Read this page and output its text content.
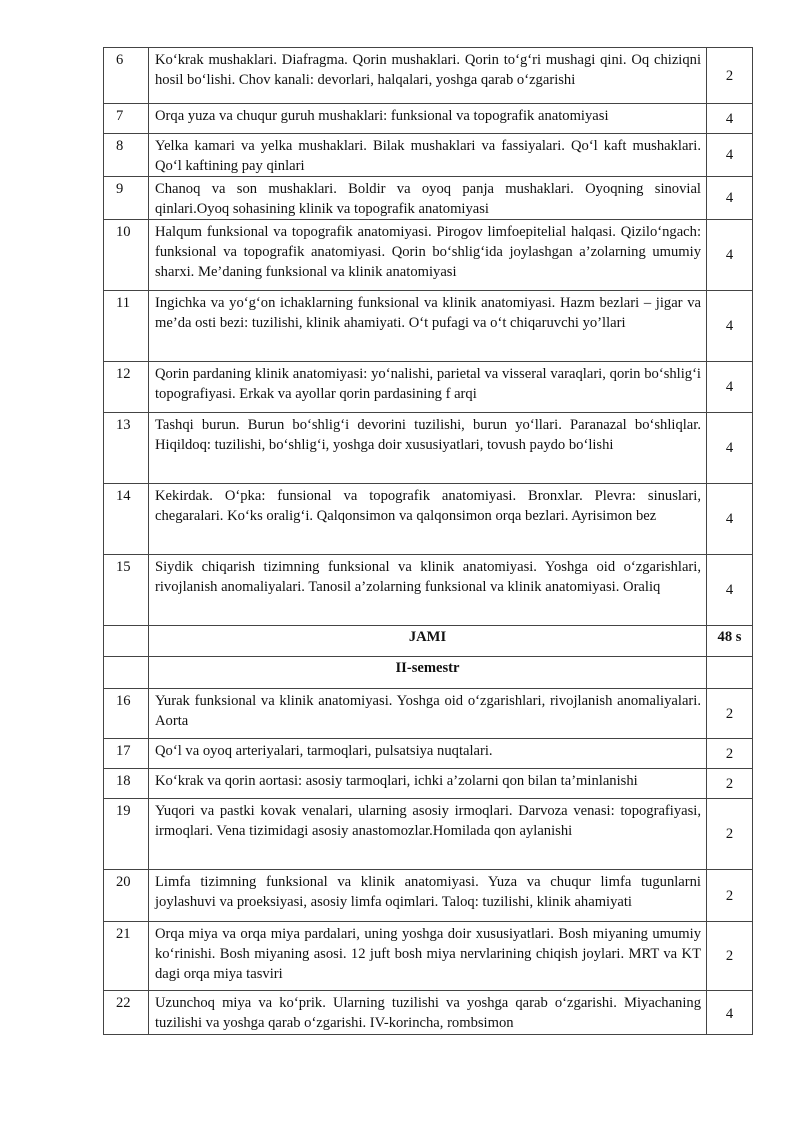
6	Ko‘krak mushaklari. Diafragma. Qorin mushaklari. Qorin to‘g‘ri mushagi qini. Oq chiziqni hosil bo‘lishi. Chov kanali: devorlari, halqalari, yoshga qarab o‘zgarishi	2
7	Orqa yuza va chuqur guruh mushaklari: funksional va topografik anatomiyasi	4
8	Yelka kamari va yelka mushaklari. Bilak mushaklari va fassiyalari. Qo‘l kaft mushaklari. Qo‘l kaftining pay qinlari	4
9	Chanoq va son mushaklari. Boldir va oyoq panja mushaklari. Oyoqning sinovial qinlari.Oyoq sohasining klinik va topografik anatomiyasi	4
10	Halqum funksional va topografik anatomiyasi. Pirogov limfoepitelial halqasi. Qizilo‘ngach: funksional va topografik anatomiyasi. Qorin bo‘shlig‘ida joylashgan a’zolarning umumiy sharxi. Me’daning funksional va klinik anatomiyasi	4
11	Ingichka va yo‘g‘on ichaklarning funksional va klinik anatomiyasi. Hazm bezlari – jigar va me’da osti bezi: tuzilishi, klinik ahamiyati. O‘t pufagi va o‘t chiqaruvchi yo’llari	4
12	Qorin pardaning klinik anatomiyasi: yo‘nalishi, parietal va visseral varaqlari, qorin bo‘shlig‘i topografiyasi. Erkak va ayollar qorin pardasining f arqi	4
13	Tashqi burun. Burun bo‘shlig‘i devorini tuzilishi, burun yo‘llari. Paranazal bo‘shliqlar. Hiqildoq: tuzilishi, bo‘shlig‘i, yoshga doir xususiyatlari, tovush paydo bo‘lishi	4
14	Kekirdak. O‘pka: funsional va topografik anatomiyasi. Bronxlar. Plevra: sinuslari, chegaralari. Ko‘ks oralig‘i. Qalqonsimon va qalqonsimon orqa bezlari. Ayrisimon bez	4
15	Siydik chiqarish tizimning funksional va klinik anatomiyasi. Yoshga oid o‘zgarishlari, rivojlanish anomaliyalari. Tanosil a’zolarning funksional va klinik anatomiyasi. Oraliq	4
	JAMI	48 s
	II-semestr	
16	Yurak funksional va klinik anatomiyasi. Yoshga oid o‘zgarishlari, rivojlanish anomaliyalari. Aorta	2
17	Qo‘l va oyoq arteriyalari, tarmoqlari, pulsatsiya nuqtalari.	2
18	Ko‘krak va qorin aortasi: asosiy tarmoqlari, ichki a’zolarni qon bilan ta’minlanishi	2
19	Yuqori va pastki kovak venalari, ularning asosiy irmoqlari. Darvoza venasi: topografiyasi, irmoqlari. Vena tizimidagi asosiy anastomozlar.Homilada qon aylanishi	2
20	Limfa tizimning funksional va klinik anatomiyasi. Yuza va chuqur limfa tugunlarni joylashuvi va proeksiyasi, asosiy limfa oqimlari. Taloq: tuzilishi, klinik ahamiyati	2
21	Orqa miya va orqa miya pardalari, uning yoshga doir xususiyatlari. Bosh miyaning umumiy ko‘rinishi. Bosh miyaning asosi. 12 juft bosh miya nervlarining chiqish joylari. MRT va KT dagi orqa miya tasviri	2
22	Uzunchoq miya va ko‘prik. Ularning tuzilishi va yoshga qarab o‘zgarishi. Miyachaning tuzilishi va yoshga qarab o‘zgarishi. IV-korincha, rombsimon	4
